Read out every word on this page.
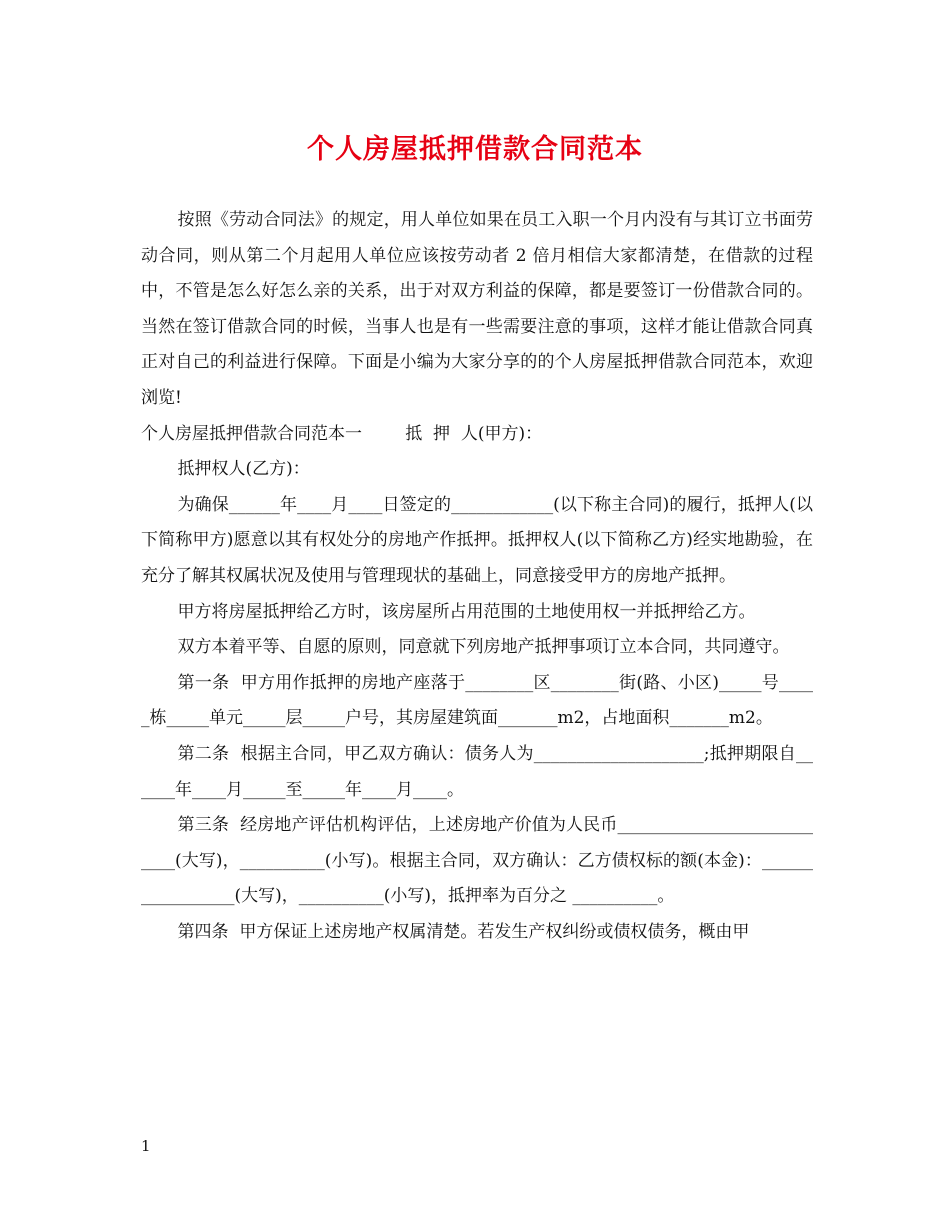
个人房屋抵押借款合同范本

按照《劳动合同法》的规定，用人单位如果在员工入职一个月内没有与其订立书面劳动合同，则从第二个月起用人单位应该按劳动者 2 倍月相信大家都清楚，在借款的过程中，不管是怎么好怎么亲的关系，出于对双方利益的保障，都是要签订一份借款合同的。当然在签订借款合同的时候，当事人也是有一些需要注意的事项，这样才能让借款合同真正对自己的利益进行保障。下面是小编为大家分享的的个人房屋抵押借款合同范本，欢迎浏览!

个人房屋抵押借款合同范本一        抵  押  人(甲方)：

抵押权人(乙方)：

为确保______年____月____日签定的____________(以下称主合同)的履行，抵押人(以下简称甲方)愿意以其有权处分的房地产作抵押。抵押权人(以下简称乙方)经实地勘验，在充分了解其权属状况及使用与管理现状的基础上，同意接受甲方的房地产抵押。

甲方将房屋抵押给乙方时，该房屋所占用范围的土地使用权一并抵押给乙方。

双方本着平等、自愿的原则，同意就下列房地产抵押事项订立本合同，共同遵守。

第一条  甲方用作抵押的房地产座落于________区________街(路、小区)_____号_____栋_____单元_____层_____户号，其房屋建筑面_______m2，占地面积_______m2。

第二条  根据主合同，甲乙双方确认：债务人为____________________;抵押期限自______年____月_____至_____年____月____。

第三条  经房地产评估机构评估，上述房地产价值为人民币___________________________(大写)，__________(小写)。根据主合同，双方确认：乙方债权标的额(本金)：_________________(大写)，__________(小写)，抵押率为百分之 __________。

第四条  甲方保证上述房地产权属清楚。若发生产权纠纷或债权债务，概由甲

1
